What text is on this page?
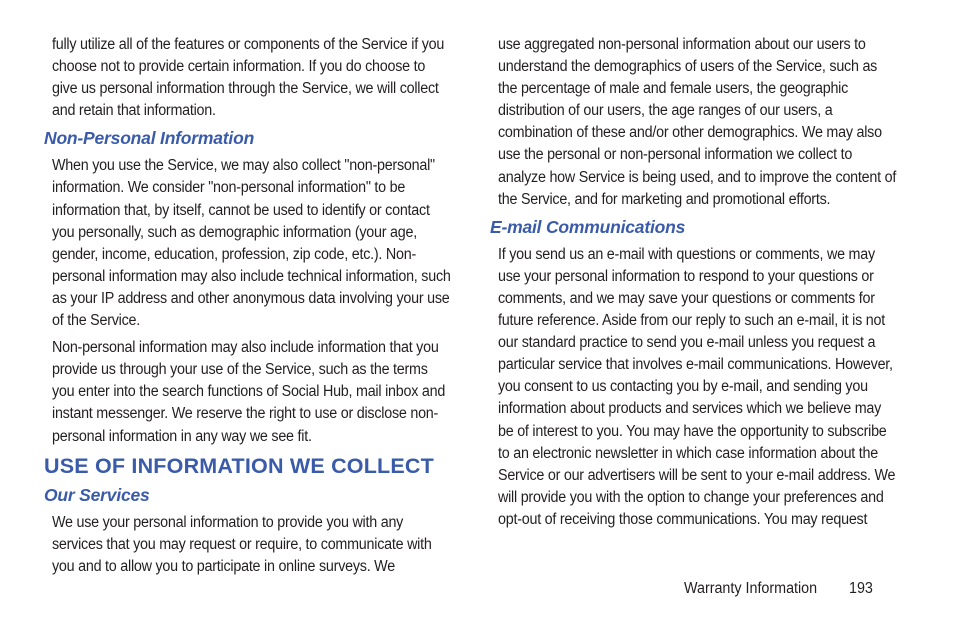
fully utilize all of the features or components of the Service if you choose not to provide certain information. If you do choose to give us personal information through the Service, we will collect and retain that information.

Non-Personal Information

When you use the Service, we may also collect "non-personal" information. We consider "non-personal information" to be information that, by itself, cannot be used to identify or contact you personally, such as demographic information (your age, gender, income, education, profession, zip code, etc.). Non-personal information may also include technical information, such as your IP address and other anonymous data involving your use of the Service.

Non-personal information may also include information that you provide us through your use of the Service, such as the terms you enter into the search functions of Social Hub, mail inbox and instant messenger. We reserve the right to use or disclose non-personal information in any way we see fit.

USE OF INFORMATION WE COLLECT
Our Services

We use your personal information to provide you with any services that you may request or require, to communicate with you and to allow you to participate in online surveys. We

use aggregated non-personal information about our users to understand the demographics of users of the Service, such as the percentage of male and female users, the geographic distribution of our users, the age ranges of our users, a combination of these and/or other demographics. We may also use the personal or non-personal information we collect to analyze how Service is being used, and to improve the content of the Service, and for marketing and promotional efforts.

E-mail Communications

If you send us an e-mail with questions or comments, we may use your personal information to respond to your questions or comments, and we may save your questions or comments for future reference. Aside from our reply to such an e-mail, it is not our standard practice to send you e-mail unless you request a particular service that involves e-mail communications. However, you consent to us contacting you by e-mail, and sending you information about products and services which we believe may be of interest to you. You may have the opportunity to subscribe to an electronic newsletter in which case information about the Service or our advertisers will be sent to your e-mail address. We will provide you with the option to change your preferences and opt-out of receiving those communications. You may request

Warranty Information 193
